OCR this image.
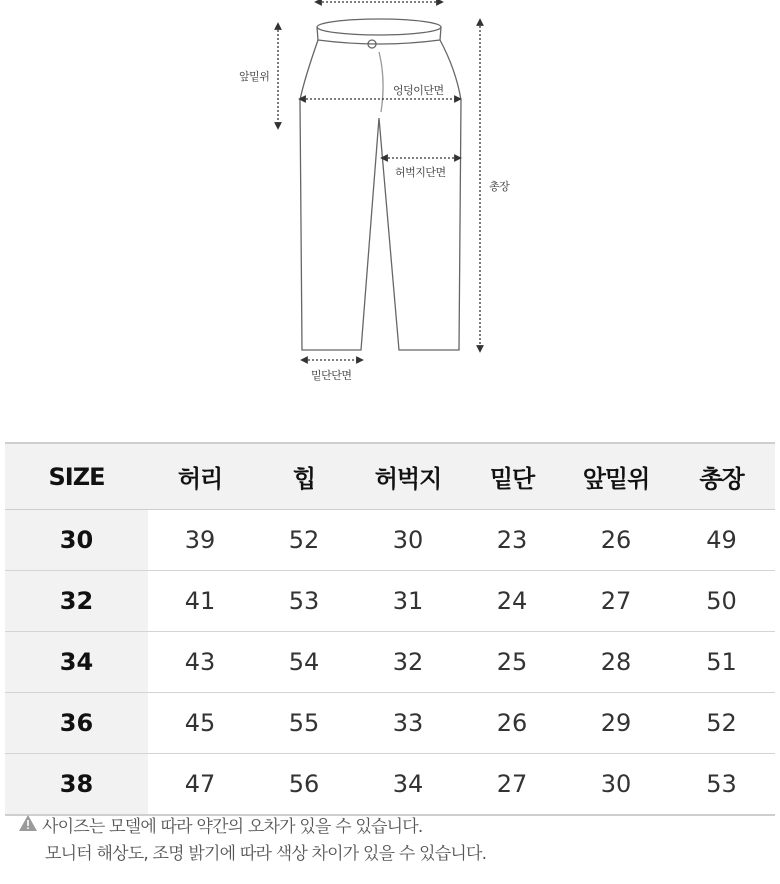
앞밑위
엉덩이단면
허벅지단면
총장
밑단단면
SIZE	허리	힙	허벅지	밑단	앞밑위	총장
30	39	52	30	23	26	49
32	41	53	31	24	27	50
34	43	54	32	25	28	51
36	45	55	33	26	29	52
38	47	56	34	27	30	53
사이즈는 모델에 따라 약간의 오차가 있을 수 있습니다.
모니터 해상도, 조명 밝기에 따라 색상 차이가 있을 수 있습니다.
